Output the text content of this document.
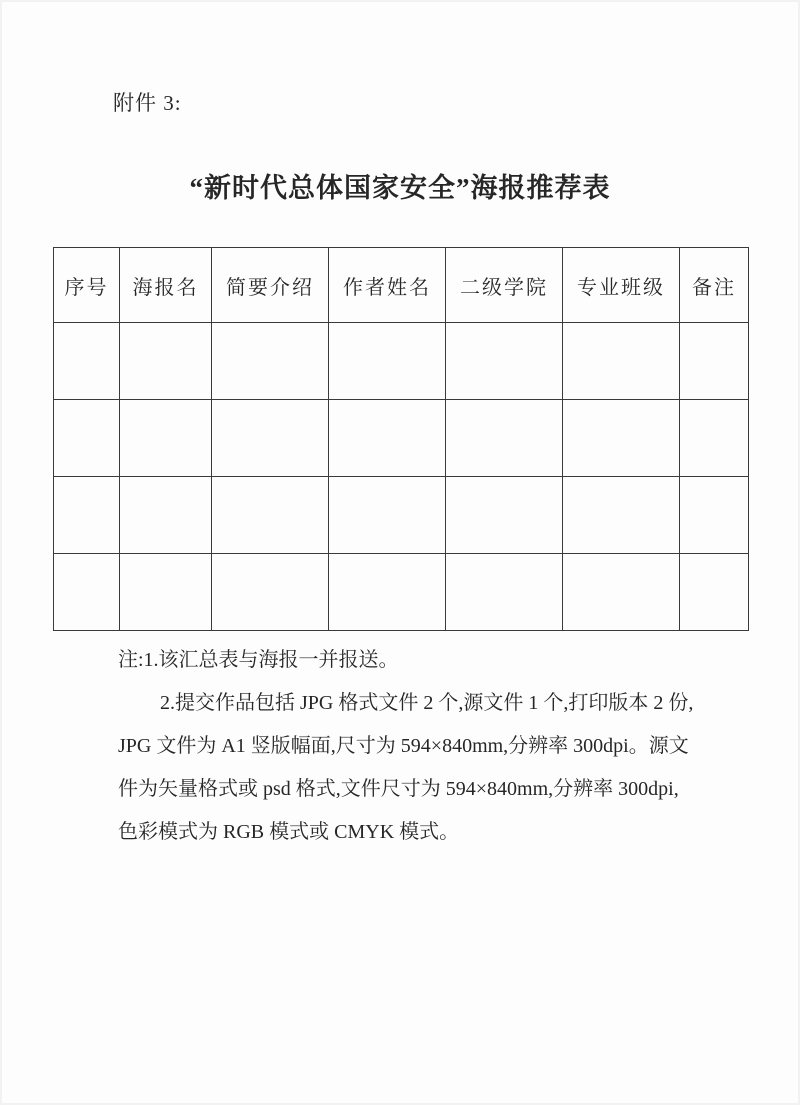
附件 3:
“新时代总体国家安全”海报推荐表
序号	海报名	简要介绍	作者姓名	二级学院	专业班级	备注

注:1.该汇总表与海报一并报送。
2.提交作品包括 JPG 格式文件 2 个,源文件 1 个,打印版本 2 份,
JPG 文件为 A1 竖版幅面,尺寸为 594×840mm,分辨率 300dpi。源文
件为矢量格式或 psd 格式,文件尺寸为 594×840mm,分辨率 300dpi,
色彩模式为 RGB 模式或 CMYK 模式。
